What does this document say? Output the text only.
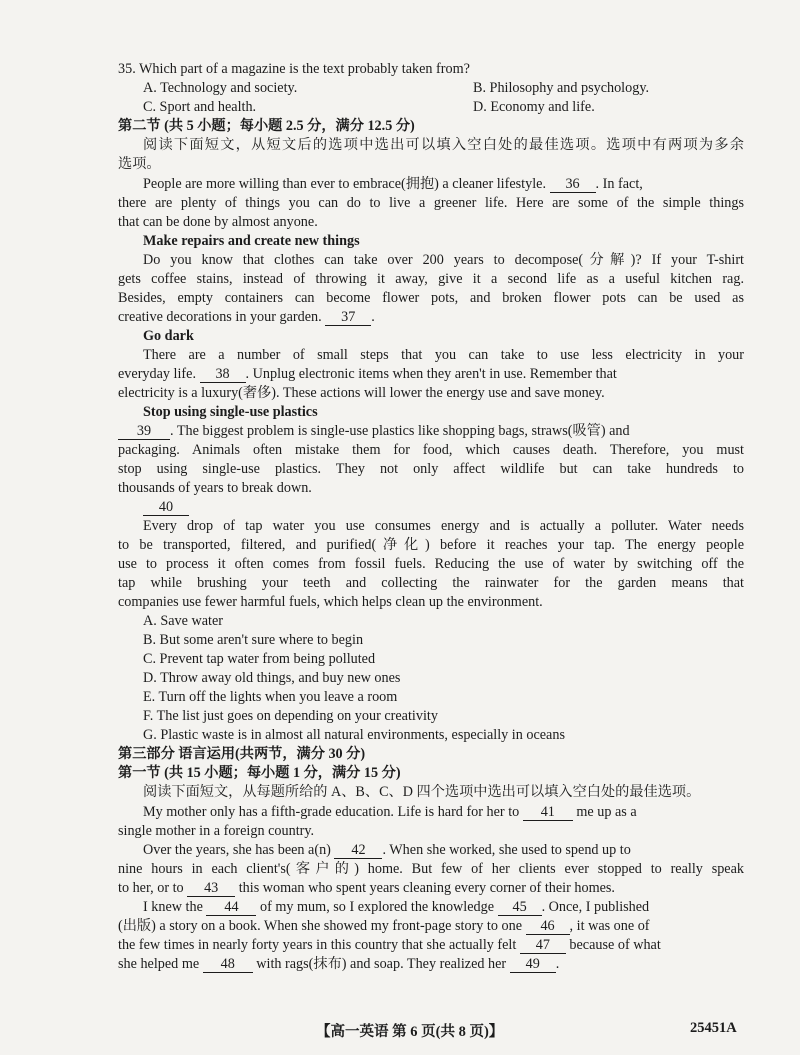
35. Which part of a magazine is the text probably taken from?
A. Technology and society.	B. Philosophy and psychology.
C. Sport and health.	D. Economy and life.
第二节 (共 5 小题；每小题 2.5 分，满分 12.5 分)
阅读下面短文，从短文后的选项中选出可以填入空白处的最佳选项。选项中有两项为多余
选项。
People are more willing than ever to embrace(拥抱) a cleaner lifestyle. 36 . In fact,
there are plenty of things you can do to live a greener life. Here are some of the simple things
that can be done by almost anyone.
Make repairs and create new things
Do you know that clothes can take over 200 years to decompose(分解)? If your T-shirt
gets coffee stains, instead of throwing it away, give it a second life as a useful kitchen rag.
Besides, empty containers can become flower pots, and broken flower pots can be used as
creative decorations in your garden. 37 .
Go dark
There are a number of small steps that you can take to use less electricity in your
everyday life. 38 . Unplug electronic items when they aren't in use. Remember that
electricity is a luxury(奢侈). These actions will lower the energy use and save money.
Stop using single-use plastics
39 . The biggest problem is single-use plastics like shopping bags, straws(吸管) and
packaging. Animals often mistake them for food, which causes death. Therefore, you must
stop using single-use plastics. They not only affect wildlife but can take hundreds to
thousands of years to break down.
40
Every drop of tap water you use consumes energy and is actually a polluter. Water needs
to be transported, filtered, and purified(净化) before it reaches your tap. The energy people
use to process it often comes from fossil fuels. Reducing the use of water by switching off the
tap while brushing your teeth and collecting the rainwater for the garden means that
companies use fewer harmful fuels, which helps clean up the environment.
A. Save water
B. But some aren't sure where to begin
C. Prevent tap water from being polluted
D. Throw away old things, and buy new ones
E. Turn off the lights when you leave a room
F. The list just goes on depending on your creativity
G. Plastic waste is in almost all natural environments, especially in oceans
第三部分 语言运用(共两节，满分 30 分)
第一节 (共 15 小题；每小题 1 分，满分 15 分)
阅读下面短文，从每题所给的 A、B、C、D 四个选项中选出可以填入空白处的最佳选项。
My mother only has a fifth-grade education. Life is hard for her to 41 me up as a
single mother in a foreign country.
Over the years, she has been a(n) 42 . When she worked, she used to spend up to
nine hours in each client's(客户的) home. But few of her clients ever stopped to really speak
to her, or to 43 this woman who spent years cleaning every corner of their homes.
I knew the 44 of my mum, so I explored the knowledge 45 . Once, I published
(出版) a story on a book. When she showed my front-page story to one 46 , it was one of
the few times in nearly forty years in this country that she actually felt 47 because of what
she helped me 48 with rags(抹布) and soap. They realized her 49 .
【高一英语 第 6 页(共 8 页)】	25451A
